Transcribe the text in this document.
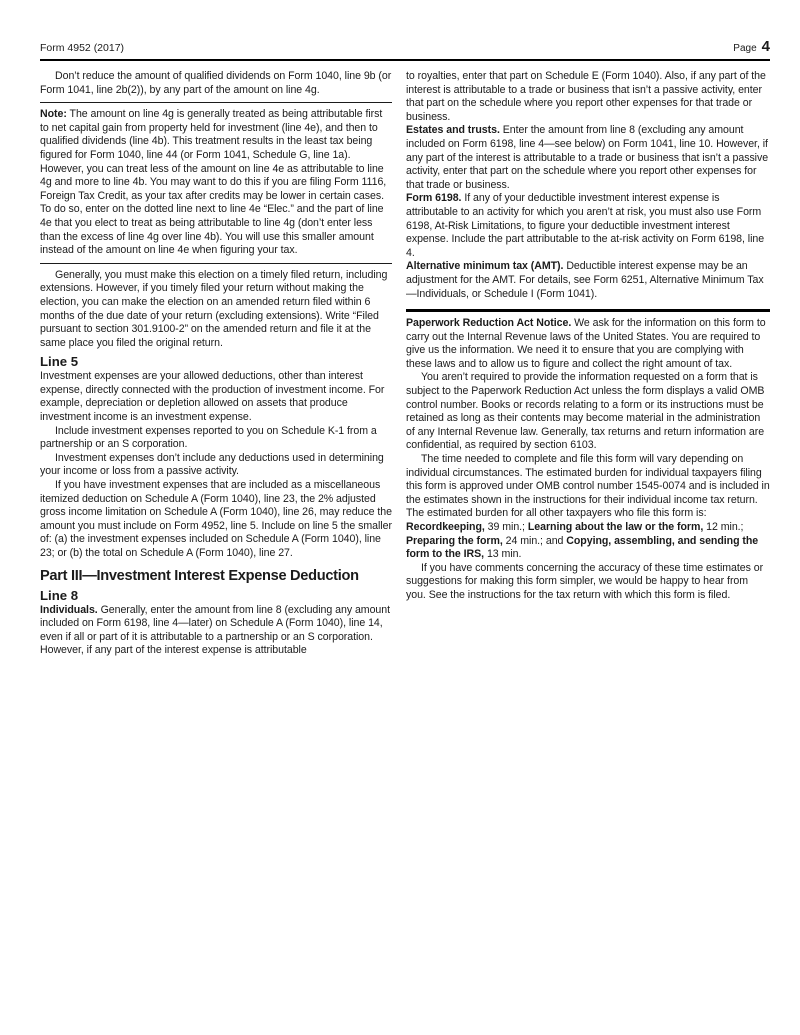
Form 4952 (2017)	Page 4

Don’t reduce the amount of qualified dividends on Form 1040, line 9b (or Form 1041, line 2b(2)), by any part of the amount on line 4g.

Note: The amount on line 4g is generally treated as being attributable first to net capital gain from property held for investment (line 4e), and then to qualified dividends (line 4b). This treatment results in the least tax being figured for Form 1040, line 44 (or Form 1041, Schedule G, line 1a). However, you can treat less of the amount on line 4e as attributable to line 4g and more to line 4b. You may want to do this if you are filing Form 1116, Foreign Tax Credit, as your tax after credits may be lower in certain cases. To do so, enter on the dotted line next to line 4e “Elec.” and the part of line 4e that you elect to treat as being attributable to line 4g (don’t enter less than the excess of line 4g over line 4b). You will use this smaller amount instead of the amount on line 4e when figuring your tax.

Generally, you must make this election on a timely filed return, including extensions. However, if you timely filed your return without making the election, you can make the election on an amended return filed within 6 months of the due date of your return (excluding extensions). Write “Filed pursuant to section 301.9100-2” on the amended return and file it at the same place you filed the original return.

Line 5

Investment expenses are your allowed deductions, other than interest expense, directly connected with the production of investment income. For example, depreciation or depletion allowed on assets that produce investment income is an investment expense.

Include investment expenses reported to you on Schedule K-1 from a partnership or an S corporation.

Investment expenses don’t include any deductions used in determining your income or loss from a passive activity.

If you have investment expenses that are included as a miscellaneous itemized deduction on Schedule A (Form 1040), line 23, the 2% adjusted gross income limitation on Schedule A (Form 1040), line 26, may reduce the amount you must include on Form 4952, line 5. Include on line 5 the smaller of: (a) the investment expenses included on Schedule A (Form 1040), line 23; or (b) the total on Schedule A (Form 1040), line 27.

Part III—Investment Interest Expense Deduction
Line 8

Individuals. Generally, enter the amount from line 8 (excluding any amount included on Form 6198, line 4—later) on Schedule A (Form 1040), line 14, even if all or part of it is attributable to a partnership or an S corporation. However, if any part of the interest expense is attributable

to royalties, enter that part on Schedule E (Form 1040). Also, if any part of the interest is attributable to a trade or business that isn’t a passive activity, enter that part on the schedule where you report other expenses for that trade or business.

Estates and trusts. Enter the amount from line 8 (excluding any amount included on Form 6198, line 4—see below) on Form 1041, line 10. However, if any part of the interest is attributable to a trade or business that isn’t a passive activity, enter that part on the schedule where you report other expenses for that trade or business.

Form 6198. If any of your deductible investment interest expense is attributable to an activity for which you aren’t at risk, you must also use Form 6198, At-Risk Limitations, to figure your deductible investment interest expense. Include the part attributable to the at-risk activity on Form 6198, line 4.

Alternative minimum tax (AMT). Deductible interest expense may be an adjustment for the AMT. For details, see Form 6251, Alternative Minimum Tax—Individuals, or Schedule I (Form 1041).

Paperwork Reduction Act Notice. We ask for the information on this form to carry out the Internal Revenue laws of the United States. You are required to give us the information. We need it to ensure that you are complying with these laws and to allow us to figure and collect the right amount of tax.

You aren’t required to provide the information requested on a form that is subject to the Paperwork Reduction Act unless the form displays a valid OMB control number. Books or records relating to a form or its instructions must be retained as long as their contents may become material in the administration of any Internal Revenue law. Generally, tax returns and return information are confidential, as required by section 6103.

The time needed to complete and file this form will vary depending on individual circumstances. The estimated burden for individual taxpayers filing this form is approved under OMB control number 1545-0074 and is included in the estimates shown in the instructions for their individual income tax return. The estimated burden for all other taxpayers who file this form is: Recordkeeping, 39 min.; Learning about the law or the form, 12 min.; Preparing the form, 24 min.; and Copying, assembling, and sending the form to the IRS, 13 min.

If you have comments concerning the accuracy of these time estimates or suggestions for making this form simpler, we would be happy to hear from you. See the instructions for the tax return with which this form is filed.
